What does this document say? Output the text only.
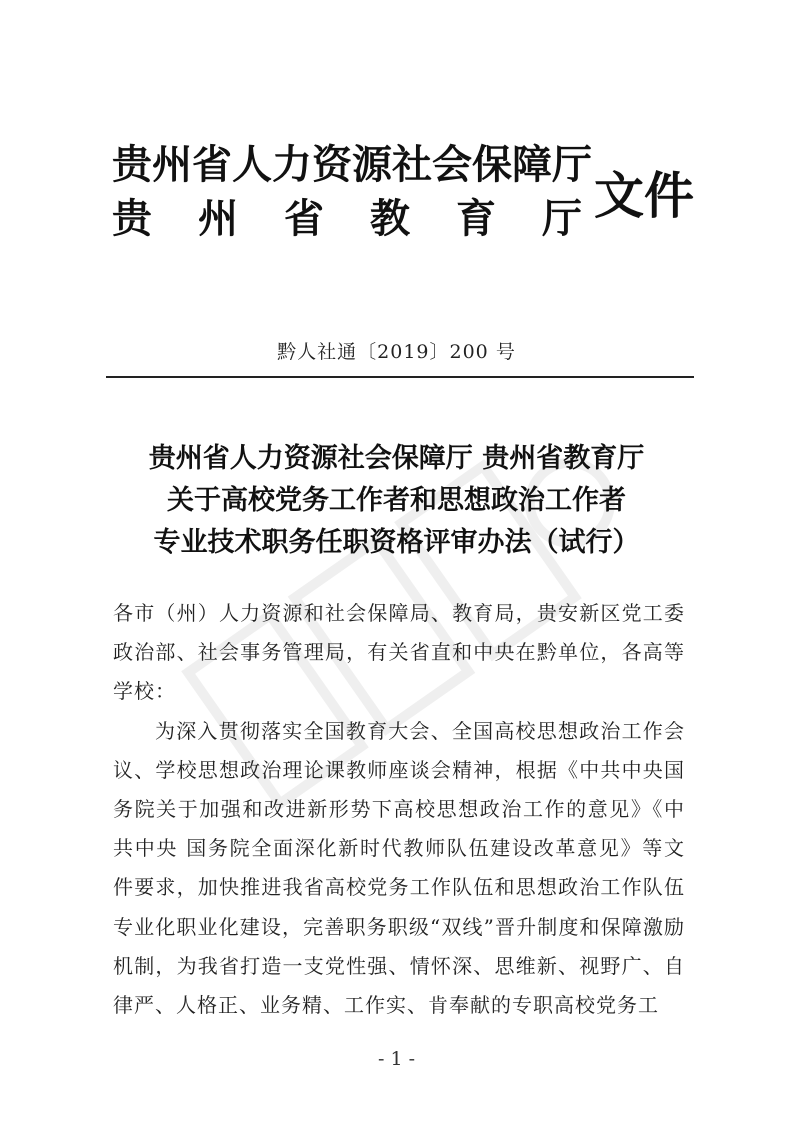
贵州省人力资源社会保障厅
贵 州 省 教 育 厅 文件
黔人社通〔2019〕200 号
贵州省人力资源社会保障厅 贵州省教育厅
关于高校党务工作者和思想政治工作者
专业技术职务任职资格评审办法（试行）

各市（州）人力资源和社会保障局、教育局，贵安新区党工委政治部、社会事务管理局，有关省直和中央在黔单位，各高等学校：

为深入贯彻落实全国教育大会、全国高校思想政治工作会议、学校思想政治理论课教师座谈会精神，根据《中共中央国务院关于加强和改进新形势下高校思想政治工作的意见》《中共中央 国务院全面深化新时代教师队伍建设改革意见》等文件要求，加快推进我省高校党务工作队伍和思想政治工作队伍专业化职业化建设，完善职务职级“双线”晋升制度和保障激励机制，为我省打造一支党性强、情怀深、思维新、视野广、自律严、人格正、业务精、工作实、肯奉献的专职高校党务工

- 1 -
